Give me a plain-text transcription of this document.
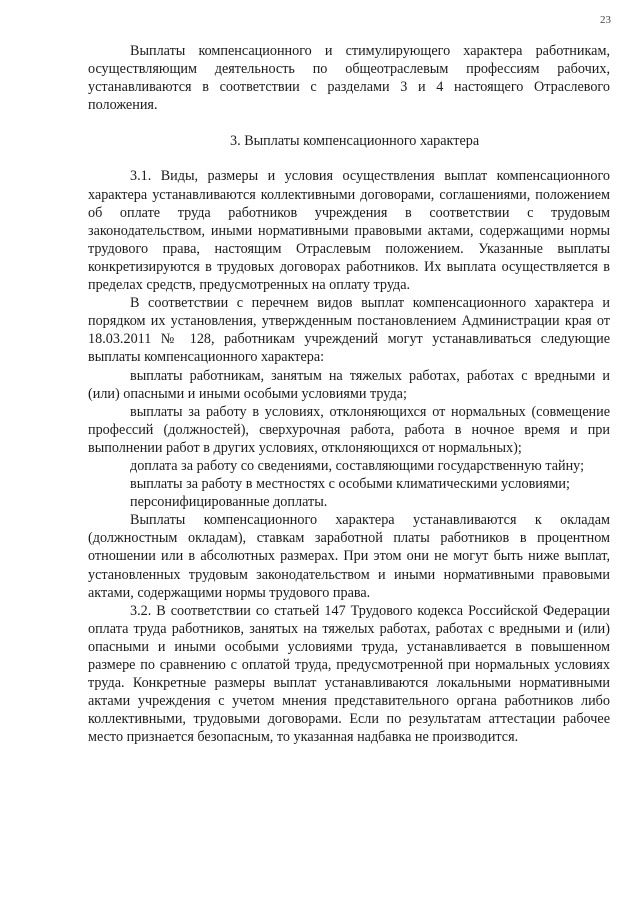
23

Выплаты компенсационного и стимулирующего характера работникам, осуществляющим деятельность по общеотраслевым профессиям рабочих, устанавливаются в соответствии с разделами 3 и 4 настоящего Отраслевого положения.

3. Выплаты компенсационного характера

3.1. Виды, размеры и условия осуществления выплат компенсационного характера устанавливаются коллективными договорами, соглашениями, положением об оплате труда работников учреждения в соответствии с трудовым законодательством, иными нормативными правовыми актами, содержащими нормы трудового права, настоящим Отраслевым положением. Указанные выплаты конкретизируются в трудовых договорах работников. Их выплата осуществляется в пределах средств, предусмотренных на оплату труда.

В соответствии с перечнем видов выплат компенсационного характера и порядком их установления, утвержденным постановлением Администрации края от 18.03.2011 № 128, работникам учреждений могут устанавливаться следующие выплаты компенсационного характера:

выплаты работникам, занятым на тяжелых работах, работах с вредными и (или) опасными и иными особыми условиями труда;

выплаты за работу в условиях, отклоняющихся от нормальных (совмещение профессий (должностей), сверхурочная работа, работа в ночное время и при выполнении работ в других условиях, отклоняющихся от нормальных);

доплата за работу со сведениями, составляющими государственную тайну;

выплаты за работу в местностях с особыми климатическими условиями;

персонифицированные доплаты.

Выплаты компенсационного характера устанавливаются к окладам (должностным окладам), ставкам заработной платы работников в процентном отношении или в абсолютных размерах. При этом они не могут быть ниже выплат, установленных трудовым законодательством и иными нормативными правовыми актами, содержащими нормы трудового права.

3.2. В соответствии со статьей 147 Трудового кодекса Российской Федерации оплата труда работников, занятых на тяжелых работах, работах с вредными и (или) опасными и иными особыми условиями труда, устанавливается в повышенном размере по сравнению с оплатой труда, предусмотренной при нормальных условиях труда. Конкретные размеры выплат устанавливаются локальными нормативными актами учреждения с учетом мнения представительного органа работников либо коллективными, трудовыми договорами. Если по результатам аттестации рабочее место признается безопасным, то указанная надбавка не производится.
